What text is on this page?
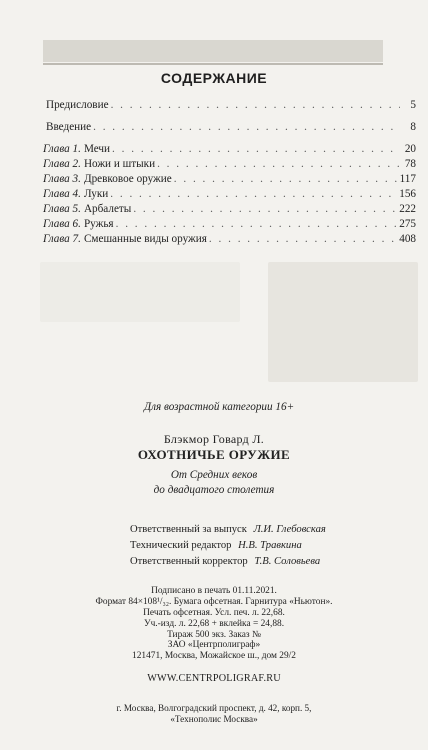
СОДЕРЖАНИЕ
Предисловие . . .	5
Введение . . .	8
Глава 1. Мечи . . .	20
Глава 2. Ножи и штыки . . .	78
Глава 3. Древковое оружие . . .	117
Глава 4. Луки . . .	156
Глава 5. Арбалеты . . .	222
Глава 6. Ружья . . .	275
Глава 7. Смешанные виды оружия . . .	408
Для возрастной категории 16+
Блэкмор Говард Л.
ОХОТНИЧЬЕ ОРУЖИЕ
От Средних веков
до двадцатого столетия
Ответственный за выпуск Л.И. Глебовская
Технический редактор Н.В. Травкина
Ответственный корректор Т.В. Соловьева
Подписано в печать 01.11.2021.
Формат 84×108¹/₃₂. Бумага офсетная. Гарнитура «Ньютон».
Печать офсетная. Усл. печ. л. 22,68.
Уч.-изд. л. 22,68 + вклейка = 24,88.
Тираж 500 экз. Заказ №
ЗАО «Центрполиграф»
121471, Москва, Можайское ш., дом 29/2
WWW.CENTRPOLIGRAF.RU
г. Москва, Волгоградский проспект, д. 42, корп. 5,
«Технополис Москва»
